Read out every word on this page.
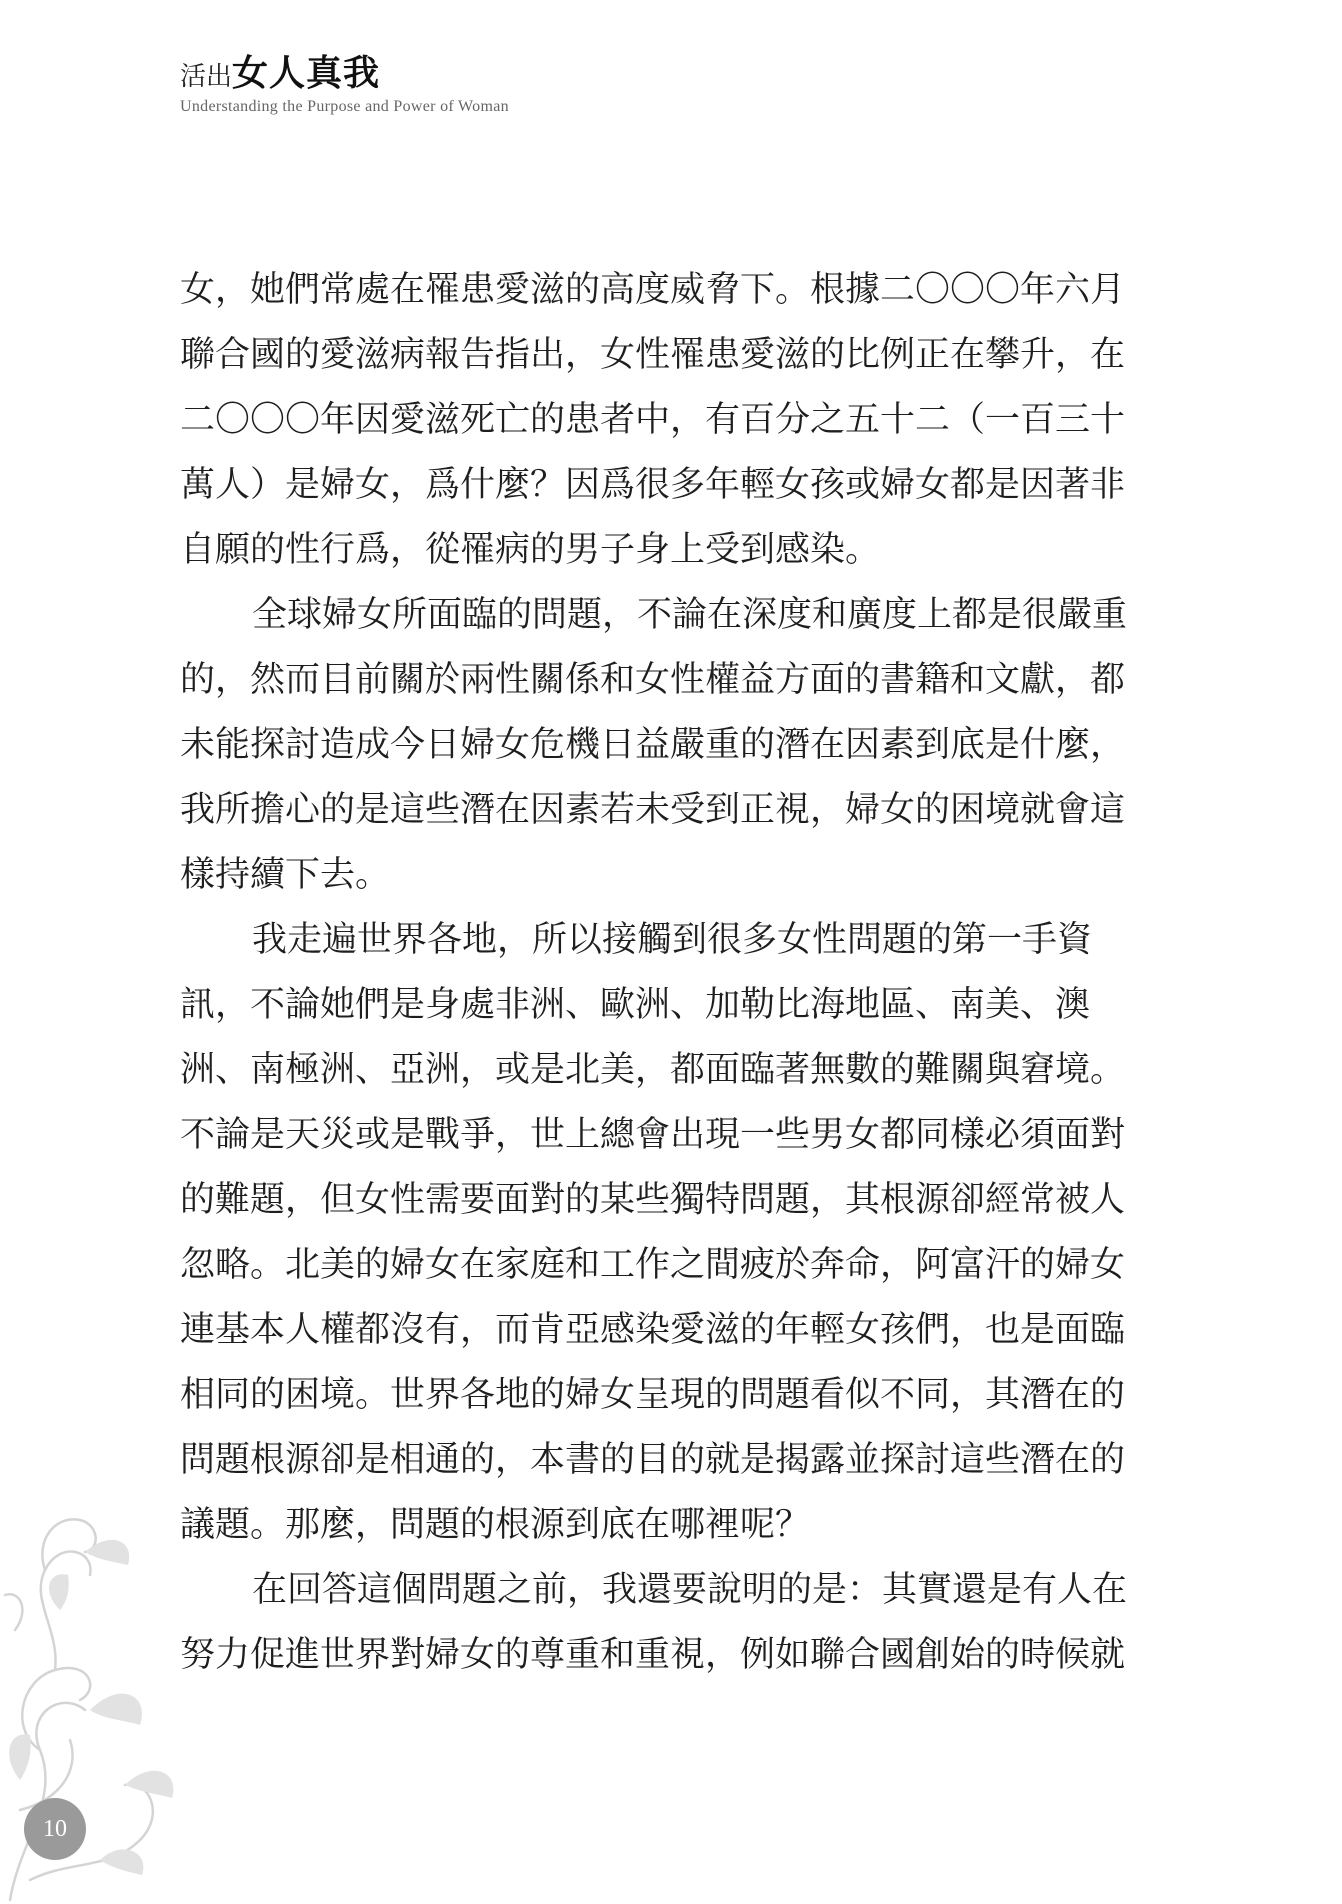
活出女人真我
Understanding the Purpose and Power of Woman
女，她們常處在罹患愛滋的高度威脅下。根據二〇〇〇年六月
聯合國的愛滋病報告指出，女性罹患愛滋的比例正在攀升，在
二〇〇〇年因愛滋死亡的患者中，有百分之五十二（一百三十
萬人）是婦女，爲什麼？因爲很多年輕女孩或婦女都是因著非
自願的性行爲，從罹病的男子身上受到感染。
全球婦女所面臨的問題，不論在深度和廣度上都是很嚴重
的，然而目前關於兩性關係和女性權益方面的書籍和文獻，都
未能探討造成今日婦女危機日益嚴重的潛在因素到底是什麼，
我所擔心的是這些潛在因素若未受到正視，婦女的困境就會這
樣持續下去。
我走遍世界各地，所以接觸到很多女性問題的第一手資
訊，不論她們是身處非洲、歐洲、加勒比海地區、南美、澳
洲、南極洲、亞洲，或是北美，都面臨著無數的難關與窘境。
不論是天災或是戰爭，世上總會出現一些男女都同樣必須面對
的難題，但女性需要面對的某些獨特問題，其根源卻經常被人
忽略。北美的婦女在家庭和工作之間疲於奔命，阿富汗的婦女
連基本人權都沒有，而肯亞感染愛滋的年輕女孩們，也是面臨
相同的困境。世界各地的婦女呈現的問題看似不同，其潛在的
問題根源卻是相通的，本書的目的就是揭露並探討這些潛在的
議題。那麼，問題的根源到底在哪裡呢？
在回答這個問題之前，我還要說明的是：其實還是有人在
努力促進世界對婦女的尊重和重視，例如聯合國創始的時候就
10
